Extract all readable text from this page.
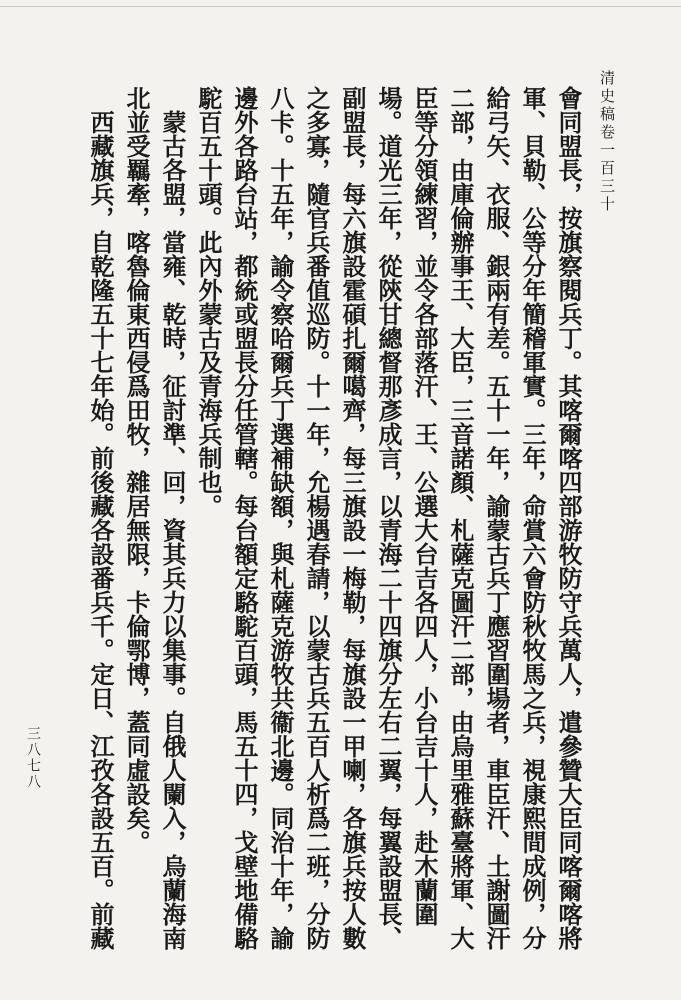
清史稿卷一百三十

會同盟長，按旗察閱兵丁。其喀爾喀四部游牧防守兵萬人，遣參贊大臣同喀爾喀將軍、貝勒、公等分年簡稽軍實。三年，命賞六會防秋牧馬之兵，視康熙間成例，分給弓矢、衣服、銀兩有差。五十一年，諭蒙古兵丁應習圍場者，車臣汗、土謝圖汗二部，由庫倫辦事王、大臣，三音諾顏、札薩克圖汗二部，由烏里雅蘇臺將軍、大臣等分領練習，並令各部落汗、王、公選大台吉各四人，小台吉十人，赴木蘭圍場。道光三年，從陝甘總督那彥成言，以青海二十四旗分左右二翼，每翼設盟長、副盟長，每六旗設霍碩扎爾噶齊，每三旗設一梅勒，每旗設一甲喇，各旗兵按人數之多寡，隨官兵番值巡防。十一年，允楊遇春請，以蒙古兵五百人析爲二班，分防八卡。十五年，諭令察哈爾兵丁選補缺額，與札薩克游牧共衞北邊。同治十年，諭邊外各路台站，都統或盟長分任管轄。每台額定駱駝百頭，馬五十四，戈壁地備駱駝百五十頭。此內外蒙古及青海兵制也。

蒙古各盟，當雍、乾時，征討準、回，資其兵力以集事。自俄人闌入，烏蘭海南北並受羈牽，喀魯倫東西侵爲田牧，雜居無限，卡倫鄂博，蓋同虛設矣。

西藏旗兵，自乾隆五十七年始。前後藏各設番兵千。定日、江孜各設五百。前藏

三八七八
